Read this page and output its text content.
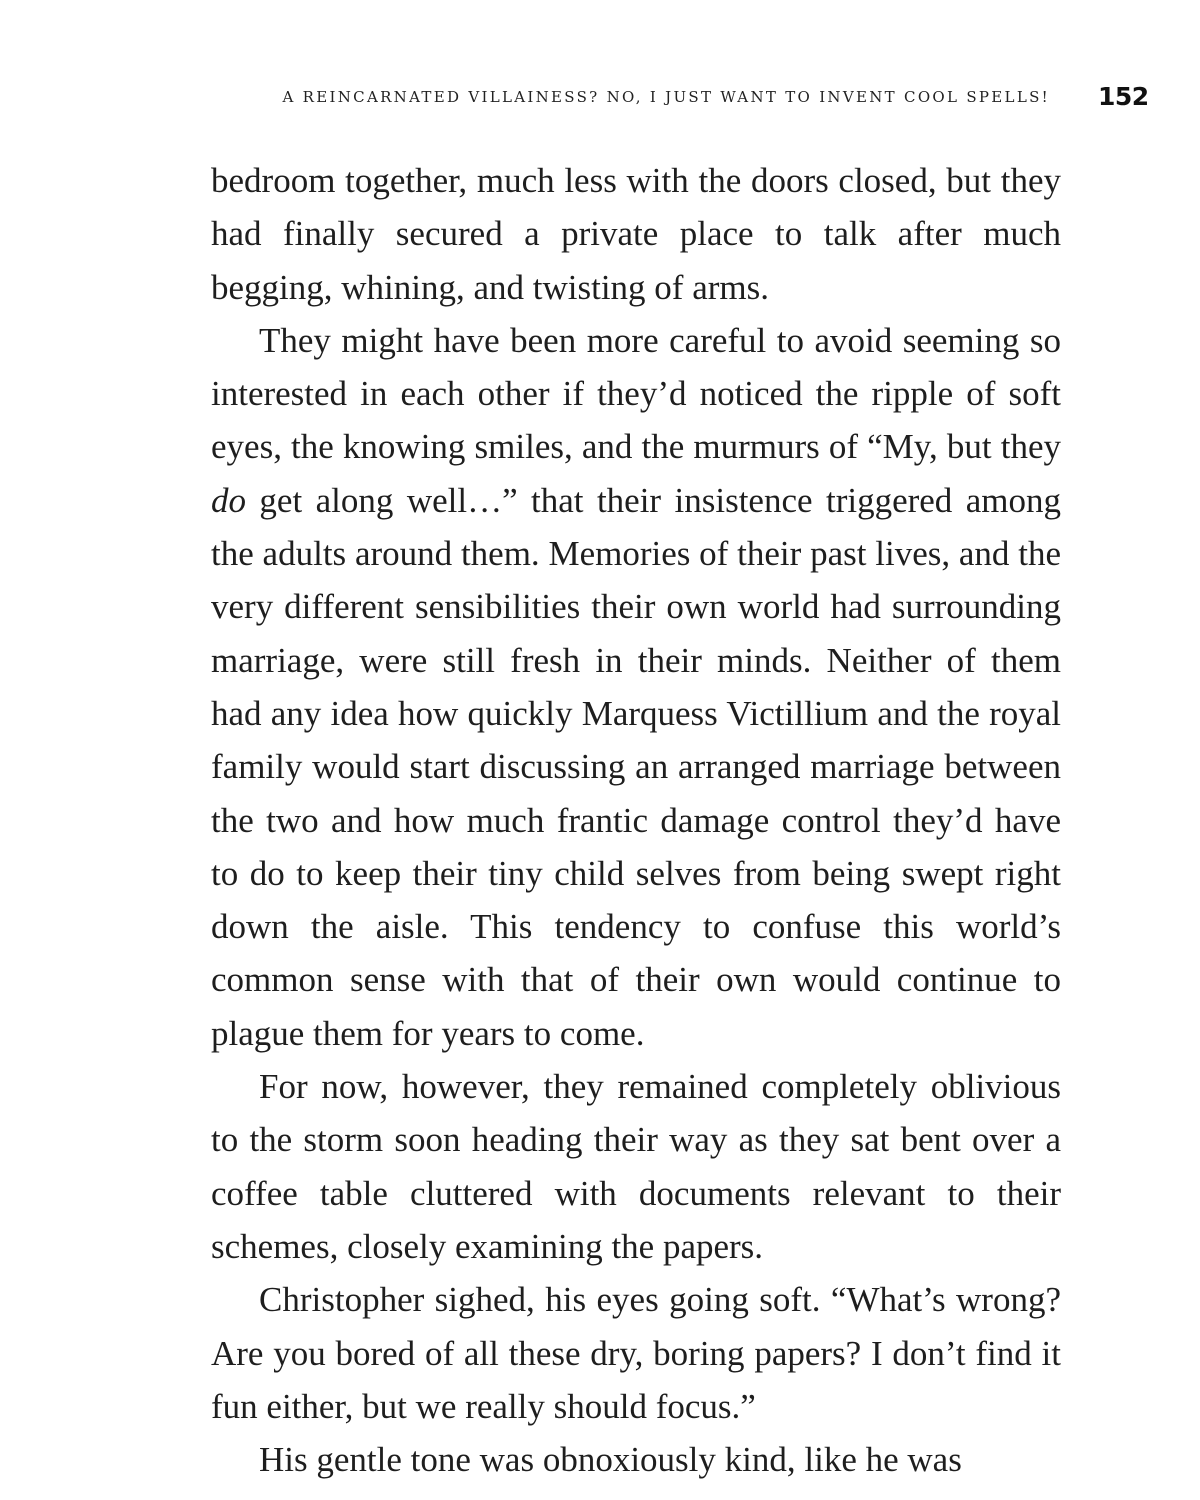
A REINCARNATED VILLAINESS? NO, I JUST WANT TO INVENT COOL SPELLS! 152

bedroom together, much less with the doors closed, but they had finally secured a private place to talk after much begging, whining, and twisting of arms.

They might have been more careful to avoid seeming so interested in each other if they’d noticed the ripple of soft eyes, the knowing smiles, and the murmurs of “My, but they do get along well…” that their insistence triggered among the adults around them. Memories of their past lives, and the very different sensibilities their own world had surrounding marriage, were still fresh in their minds. Neither of them had any idea how quickly Marquess Victillium and the royal family would start discussing an arranged marriage between the two and how much frantic damage control they’d have to do to keep their tiny child selves from being swept right down the aisle. This tendency to confuse this world’s common sense with that of their own would continue to plague them for years to come.

For now, however, they remained completely oblivious to the storm soon heading their way as they sat bent over a coffee table cluttered with documents relevant to their schemes, closely examining the papers.

Christopher sighed, his eyes going soft. “What’s wrong? Are you bored of all these dry, boring papers? I don’t find it fun either, but we really should focus.”

His gentle tone was obnoxiously kind, like he was
